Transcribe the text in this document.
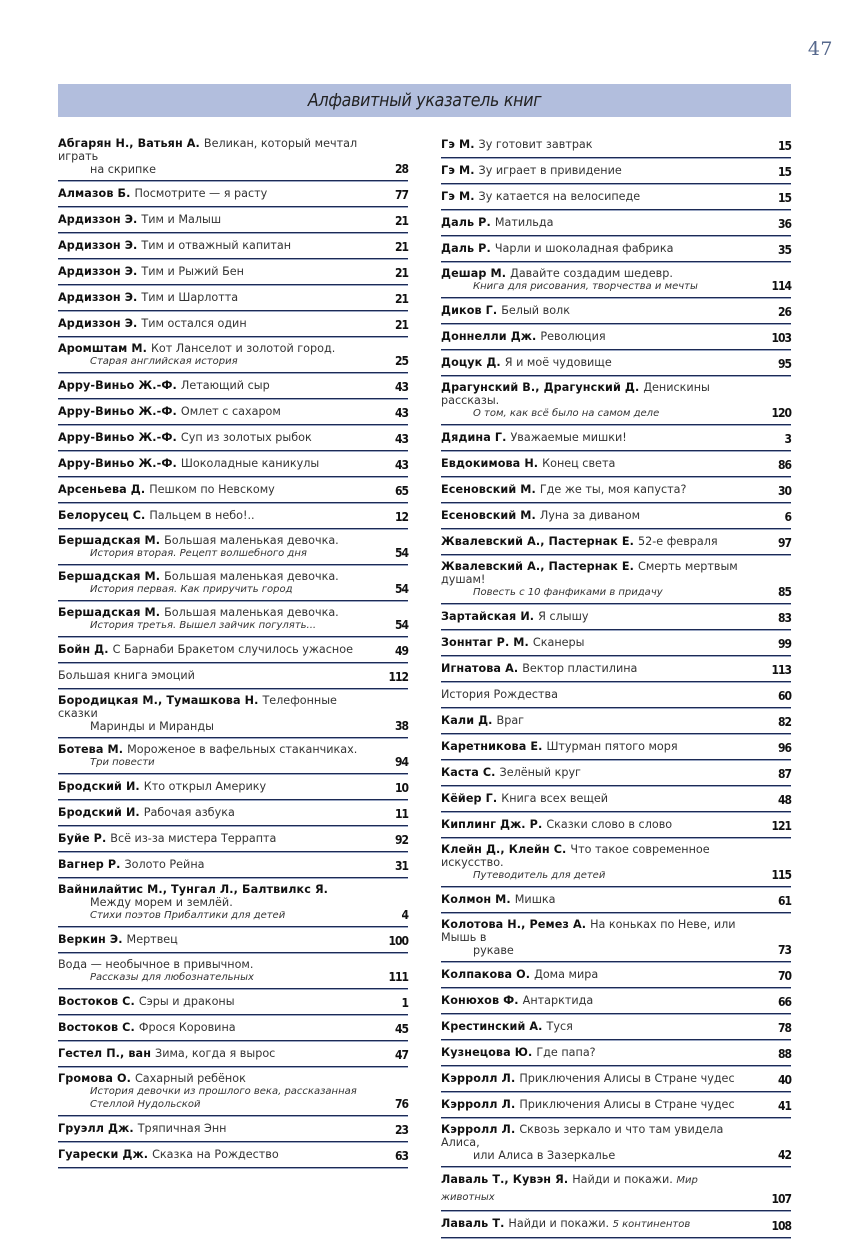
47
Алфавитный указатель книг
Абгарян Н., Ватьян А. Великан, который мечтал играть
на скрипке	28
Алмазов Б. Посмотрите — я расту	77
Ардиззон Э. Тим и Малыш	21
Ардиззон Э. Тим и отважный капитан	21
Ардиззон Э. Тим и Рыжий Бен	21
Ардиззон Э. Тим и Шарлотта	21
Ардиззон Э. Тим остался один	21
Аромштам М. Кот Ланселот и золотой город.
Старая английская история	25
Арру-Виньо Ж.-Ф. Летающий сыр	43
Арру-Виньо Ж.-Ф. Омлет с сахаром	43
Арру-Виньо Ж.-Ф. Суп из золотых рыбок	43
Арру-Виньо Ж.-Ф. Шоколадные каникулы	43
Арсеньева Д. Пешком по Невскому	65
Белорусец С. Пальцем в небо!..	12
Бершадская М. Большая маленькая девочка.
История вторая. Рецепт волшебного дня	54
Бершадская М. Большая маленькая девочка.
История первая. Как приручить город	54
Бершадская М. Большая маленькая девочка.
История третья. Вышел зайчик погулять...	54
Бойн Д. С Барнаби Бракетом случилось ужасное	49
Большая книга эмоций	112
Бородицкая М., Тумашкова Н. Телефонные сказки
Маринды и Миранды	38
Ботева М. Мороженое в вафельных стаканчиках.
Три повести	94
Бродский И. Кто открыл Америку	10
Бродский И. Рабочая азбука	11
Буйе Р. Всё из-за мистера Террапта	92
Вагнер Р. Золото Рейна	31
Вайнилайтис М., Тунгал Л., Балтвилкс Я.
Между морем и землёй.
Стихи поэтов Прибалтики для детей	4
Веркин Э. Мертвец	100
Вода — необычное в привычном.
Рассказы для любознательных	111
Востоков С. Сэры и драконы	1
Востоков С. Фрося Коровина	45
Гестел П., ван Зима, когда я вырос	47
Громова О. Сахарный ребёнок
История девочки из прошлого века, рассказанная Стеллой Нудольской	76
Груэлл Дж. Тряпичная Энн	23
Гуарески Дж. Сказка на Рождество	63
Гэ М. Зу готовит завтрак	15
Гэ М. Зу играет в привидение	15
Гэ М. Зу катается на велосипеде	15
Даль Р. Матильда	36
Даль Р. Чарли и шоколадная фабрика	35
Дешар М. Давайте создадим шедевр.
Книга для рисования, творчества и мечты	114
Диков Г. Белый волк	26
Доннелли Дж. Революция	103
Доцук Д. Я и моё чудовище	95
Драгунский В., Драгунский Д. Денискины рассказы.
О том, как всё было на самом деле	120
Дядина Г. Уважаемые мишки!	3
Евдокимова Н. Конец света	86
Есеновский М. Где же ты, моя капуста?	30
Есеновский М. Луна за диваном	6
Жвалевский А., Пастернак Е. 52-е февраля	97
Жвалевский А., Пастернак Е. Смерть мертвым душам!
Повесть с 10 фанфиками в придачу	85
Зартайская И. Я слышу	83
Зоннтаг Р. М. Сканеры	99
Игнатова А. Вектор пластилина	113
История Рождества	60
Кали Д. Враг	82
Каретникова Е. Штурман пятого моря	96
Каста С. Зелёный круг	87
Кёйер Г. Книга всех вещей	48
Киплинг Дж. Р. Сказки слово в слово	121
Клейн Д., Клейн С. Что такое современное искусство.
Путеводитель для детей	115
Колмон М. Мишка	61
Колотова Н., Ремез А. На коньках по Неве, или Мышь в
рукаве	73
Колпакова О. Дома мира	70
Конюхов Ф. Антарктида	66
Крестинский А. Туся	78
Кузнецова Ю. Где папа?	88
Кэрролл Л. Приключения Алисы в Стране чудес	40
Кэрролл Л. Приключения Алисы в Стране чудес	41
Кэрролл Л. Сквозь зеркало и что там увидела Алиса,
или Алиса в Зазеркалье	42
Лаваль Т., Кувэн Я. Найди и покажи. Мир животных	107
Лаваль Т. Найди и покажи. 5 континентов	108
